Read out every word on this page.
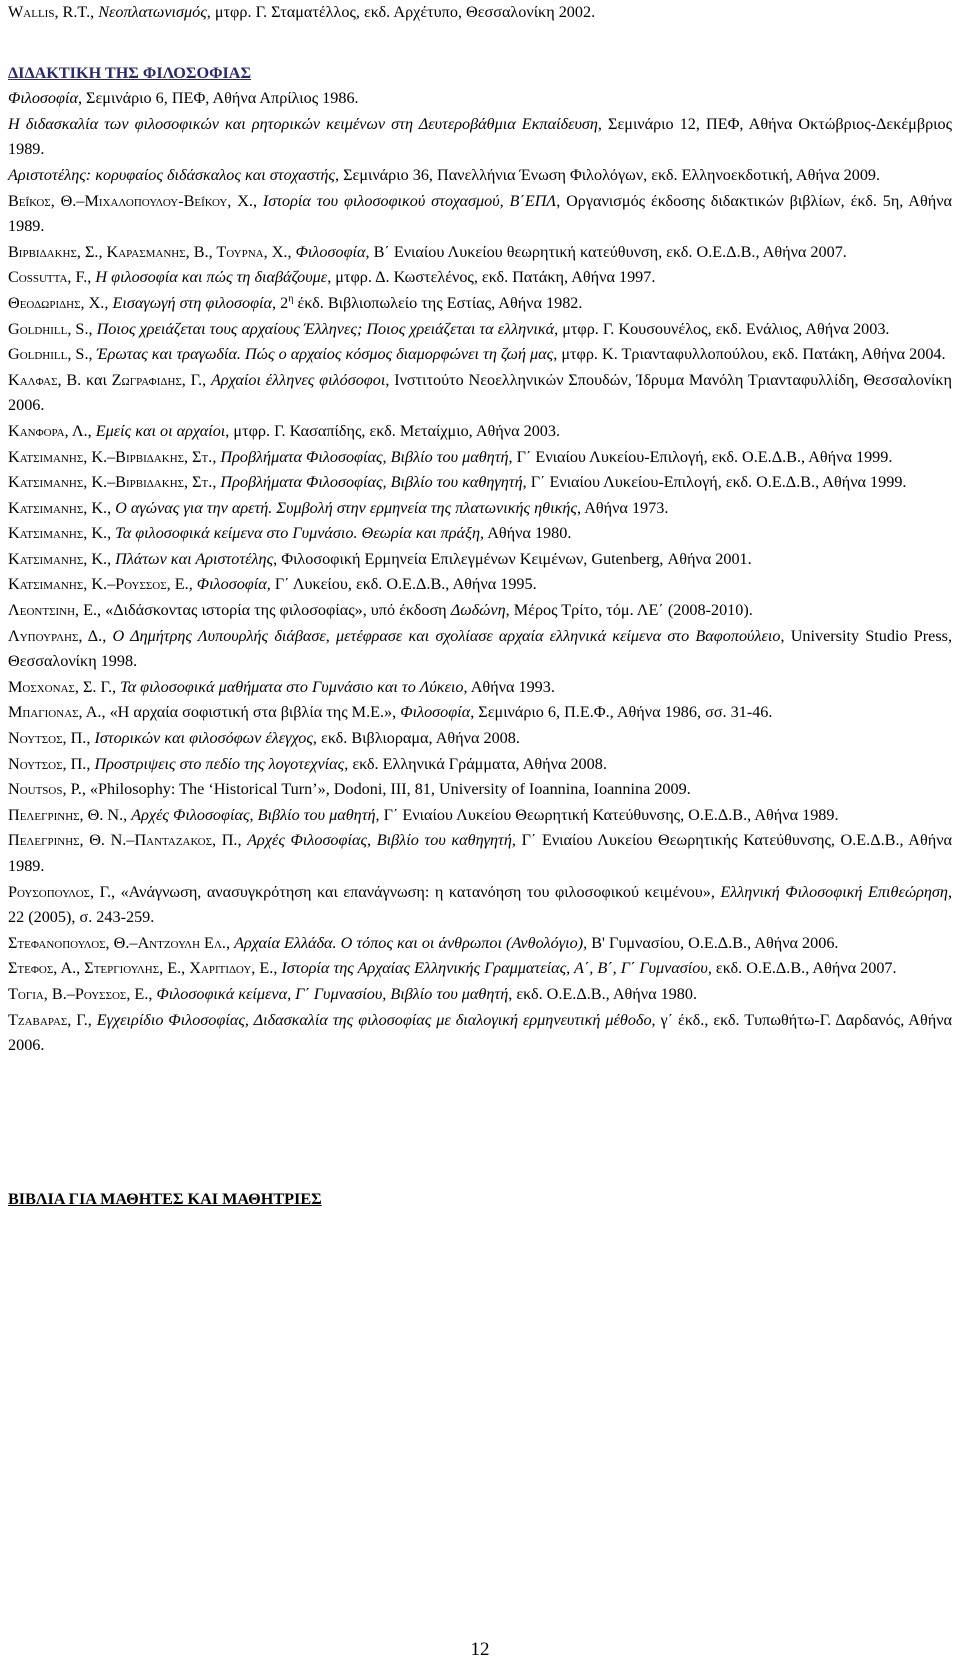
Wallis, R.T., Νεοπλατωνισμός, μτφρ. Γ. Σταματέλλος, εκδ. Αρχέτυπο, Θεσσαλονίκη 2002.

ΔΙΔΑΚΤΙΚΗ ΤΗΣ ΦΙΛΟΣΟΦΙΑΣ

Φιλοσοφία, Σεμινάριο 6, ΠΕΦ, Αθήνα Απρίλιος 1986.

Η διδασκαλία των φιλοσοφικών και ρητορικών κειμένων στη Δευτεροβάθμια Εκπαίδευση, Σεμινάριο 12, ΠΕΦ, Αθήνα Οκτώβριος-Δεκέμβριος 1989.

Αριστοτέλης: κορυφαίος διδάσκαλος και στοχαστής, Σεμινάριο 36, Πανελλήνια Ένωση Φιλολόγων, εκδ. Ελληνοεκδοτική, Αθήνα 2009.

Βεΐκος, Θ.–Μιχαλοπουλου-Βεΐκου, Χ., Ιστορία του φιλοσοφικού στοχασμού, Β΄ΕΠΛ, Οργανισμός έκδοσης διδακτικών βιβλίων, έκδ. 5η, Αθήνα 1989.

Βιρβιδακης, Σ., Καρασμανης, Β., Τουρνα, Χ., Φιλοσοφία, Β΄ Ενιαίου Λυκείου θεωρητική κατεύθυνση, εκδ. Ο.Ε.Δ.Β., Αθήνα 2007.

Cossutta, F., Η φιλοσοφία και πώς τη διαβάζουμε, μτφρ. Δ. Κωστελένος, εκδ. Πατάκη, Αθήνα 1997.

Θεοδωριδης, Χ., Εισαγωγή στη φιλοσοφία, $2^\eta$ έκδ. Βιβλιοπωλείο της Εστίας, Αθήνα 1982.

Goldhill, S., Ποιος χρειάζεται τους αρχαίους Έλληνες; Ποιος χρειάζεται τα ελληνικά, μτφρ. Γ. Κουσουνέλος, εκδ. Ενάλιος, Αθήνα 2003.

Goldhill, S., Έρωτας και τραγωδία. Πώς ο αρχαίος κόσμος διαμορφώνει τη ζωή μας, μτφρ. Κ. Τριανταφυλλοπούλου, εκδ. Πατάκη, Αθήνα 2004.

Καλφας, Β. και Ζωγραφιδης, Γ., Αρχαίοι έλληνες φιλόσοφοι, Ινστιτούτο Νεοελληνικών Σπουδών, Ίδρυμα Μανόλη Τριανταφυλλίδη, Θεσσαλονίκη 2006.

Κανφορα, Λ., Εμείς και οι αρχαίοι, μτφρ. Γ. Κασαπίδης, εκδ. Μεταίχμιο, Αθήνα 2003.

Κατσιμανης, Κ.–Βιρβιδακης, Στ., Προβλήματα Φιλοσοφίας, Βιβλίο του μαθητή, Γ΄ Ενιαίου Λυκείου-Επιλογή, εκδ. Ο.Ε.Δ.Β., Αθήνα 1999.

Κατσιμανης, Κ.–Βιρβιδακης, Στ., Προβλήματα Φιλοσοφίας, Βιβλίο του καθηγητή, Γ΄ Ενιαίου Λυκείου-Επιλογή, εκδ. Ο.Ε.Δ.Β., Αθήνα 1999.

Κατσιμανης, Κ., Ο αγώνας για την αρετή. Συμβολή στην ερμηνεία της πλατωνικής ηθικής, Αθήνα 1973.

Κατσιμανης, Κ., Τα φιλοσοφικά κείμενα στο Γυμνάσιο. Θεωρία και πράξη, Αθήνα 1980.

Κατσιμανης, Κ., Πλάτων και Αριστοτέλης, Φιλοσοφική Ερμηνεία Επιλεγμένων Κειμένων, Gutenberg, Αθήνα 2001.

Κατσιμανης, Κ.–Ρουσσος, Ε., Φιλοσοφία, Γ΄ Λυκείου, εκδ. Ο.Ε.Δ.Β., Αθήνα 1995.

Λεοντσινη, Ε., «Διδάσκοντας ιστορία της φιλοσοφίας», υπό έκδοση Δωδώνη, Μέρος Τρίτο, τόμ. ΛΕ΄ (2008-2010).

Λυπουρλης, Δ., Ο Δημήτρης Λυπουρλής διάβασε, μετέφρασε και σχολίασε αρχαία ελληνικά κείμενα στο Βαφοπούλειο, University Studio Press, Θεσσαλονίκη 1998.

Μοσχονας, Σ. Γ., Τα φιλοσοφικά μαθήματα στο Γυμνάσιο και το Λύκειο, Αθήνα 1993.

Μπαγιονας, Α., «Η αρχαία σοφιστική στα βιβλία της Μ.Ε.», Φιλοσοφία, Σεμινάριο 6, Π.Ε.Φ., Αθήνα 1986, σσ. 31-46.

Νουτσος, Π., Ιστορικών και φιλοσόφων έλεγχος, εκδ. Βιβλιοραμα, Αθήνα 2008.

Νουτσος, Π., Προστριψεις στο πεδίο της λογοτεχνίας, εκδ. Ελληνικά Γράμματα, Αθήνα 2008.

Noutsos, P., «Philosophy: The ‘Historical Turn’», Dodoni, III, 81, University of Ioannina, Ioannina 2009.

Πελεγρινης, Θ. Ν., Αρχές Φιλοσοφίας, Βιβλίο του μαθητή, Γ΄ Ενιαίου Λυκείου Θεωρητική Κατεύθυνσης, Ο.Ε.Δ.Β., Αθήνα 1989.

Πελεγρινης, Θ. Ν.–Πανταζακος, Π., Αρχές Φιλοσοφίας, Βιβλίο του καθηγητή, Γ΄ Ενιαίου Λυκείου Θεωρητικής Κατεύθυνσης, Ο.Ε.Δ.Β., Αθήνα 1989.

Ρουσοπουλος, Γ., «Ανάγνωση, ανασυγκρότηση και επανάγνωση: η κατανόηση του φιλοσοφικού κειμένου», Ελληνική Φιλοσοφική Επιθεώρηση, 22 (2005), σ. 243-259.

Στεφανοπουλος, Θ.–Αντζουλη Ελ., Αρχαία Ελλάδα. Ο τόπος και οι άνθρωποι (Ανθολόγιο), Β' Γυμνασίου, Ο.Ε.Δ.Β., Αθήνα 2006.

Στεφος, Α., Στεργιουλης, Ε., Χαριτιδου, Ε., Ιστορία της Αρχαίας Ελληνικής Γραμματείας, Α΄, Β΄, Γ΄ Γυμνασίου, εκδ. Ο.Ε.Δ.Β., Αθήνα 2007.

Τογια, Β.–Ρουσσος, Ε., Φιλοσοφικά κείμενα, Γ΄ Γυμνασίου, Βιβλίο του μαθητή, εκδ. Ο.Ε.Δ.Β., Αθήνα 1980.

Τζαβαρας, Γ., Εγχειρίδιο Φιλοσοφίας, Διδασκαλία της φιλοσοφίας με διαλογική ερμηνευτική μέθοδο, γ΄ έκδ., εκδ. Τυπωθήτω-Γ. Δαρδανός, Αθήνα 2006.

ΒΙΒΛΙΑ ΓΙΑ ΜΑΘΗΤΕΣ ΚΑΙ ΜΑΘΗΤΡΙΕΣ

12
